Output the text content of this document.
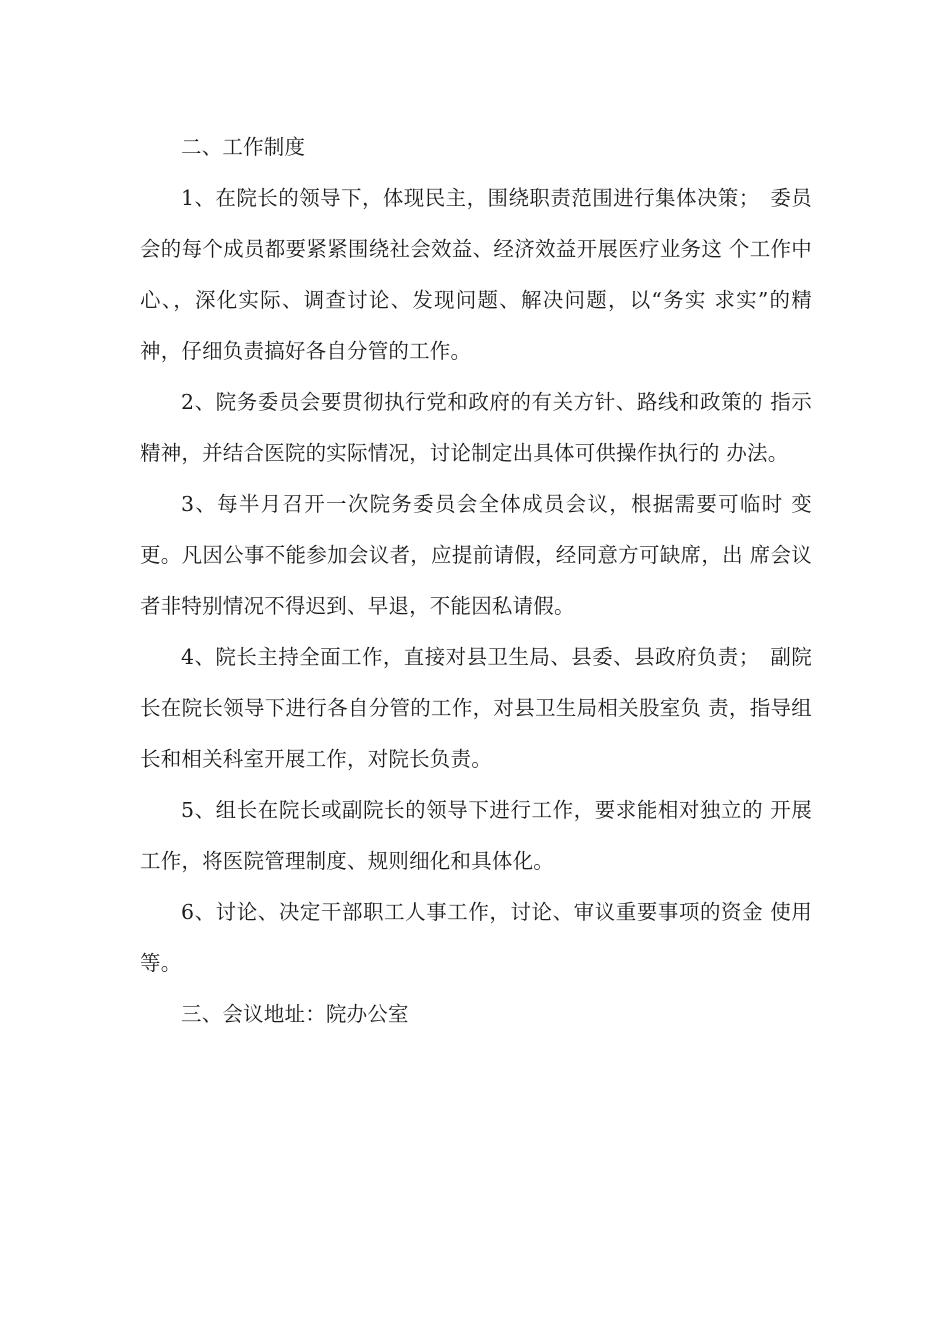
二、工作制度

1、在院长的领导下，体现民主，围绕职责范围进行集体决策；　委员会的每个成员都要紧紧围绕社会效益、经济效益开展医疗业务这 个工作中心、，深化实际、调查讨论、发现问题、解决问题，以“务实 求实”的精神，仔细负责搞好各自分管的工作。

2、院务委员会要贯彻执行党和政府的有关方针、路线和政策的 指示精神，并结合医院的实际情况，讨论制定出具体可供操作执行的 办法。

3、每半月召开一次院务委员会全体成员会议，根据需要可临时 变更。凡因公事不能参加会议者，应提前请假，经同意方可缺席，出 席会议者非特别情况不得迟到、早退，不能因私请假。

4、院长主持全面工作，直接对县卫生局、县委、县政府负责；　副院长在院长领导下进行各自分管的工作，对县卫生局相关股室负 责，指导组长和相关科室开展工作，对院长负责。

5、组长在院长或副院长的领导下进行工作，要求能相对独立的 开展工作，将医院管理制度、规则细化和具体化。

6、讨论、决定干部职工人事工作，讨论、审议重要事项的资金 使用等。

三、会议地址：院办公室
